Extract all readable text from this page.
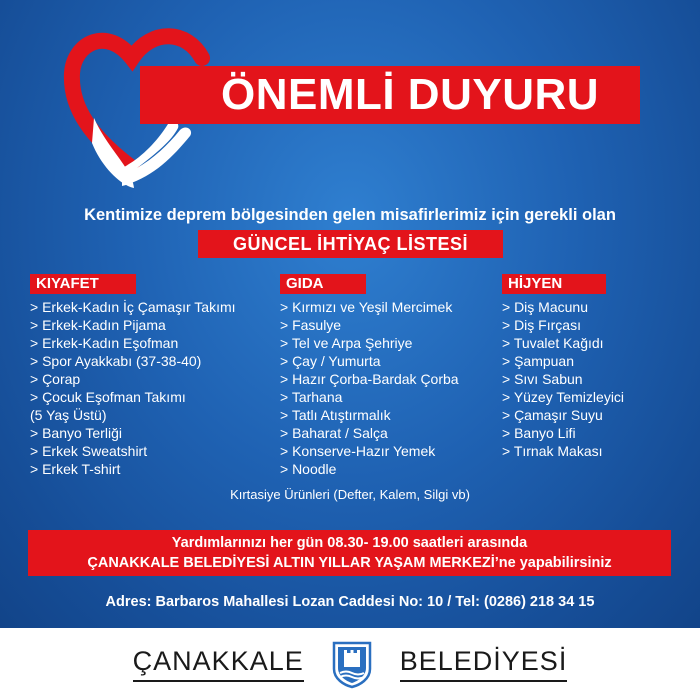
ÖNEMLİ DUYURU
Kentimize deprem bölgesinden gelen misafirlerimiz için gerekli olan
GÜNCEL İHTİYAÇ LİSTESİ
KIYAFET
> Erkek-Kadın İç Çamaşır Takımı
> Erkek-Kadın Pijama
> Erkek-Kadın Eşofman
> Spor Ayakkabı (37-38-40)
> Çorap
> Çocuk Eşofman Takımı
(5 Yaş Üstü)
> Banyo Terliği
> Erkek Sweatshirt
> Erkek T-shirt
GIDA
> Kırmızı ve Yeşil Mercimek
> Fasulye
> Tel ve Arpa Şehriye
> Çay / Yumurta
> Hazır Çorba-Bardak Çorba
> Tarhana
> Tatlı Atıştırmalık
> Baharat / Salça
> Konserve-Hazır Yemek
> Noodle
HİJYEN
> Diş Macunu
> Diş Fırçası
> Tuvalet Kağıdı
> Şampuan
> Sıvı Sabun
> Yüzey Temizleyici
> Çamaşır Suyu
> Banyo Lifi
> Tırnak Makası
Kırtasiye Ürünleri (Defter, Kalem, Silgi vb)
Yardımlarınızı her gün 08.30- 19.00 saatleri arasında
ÇANAKKALE BELEDİYESİ ALTIN YILLAR YAŞAM MERKEZİ’ne yapabilirsiniz
Adres: Barbaros Mahallesi Lozan Caddesi No: 10 / Tel: (0286) 218 34 15
ÇANAKKALE	BELEDİYESİ
